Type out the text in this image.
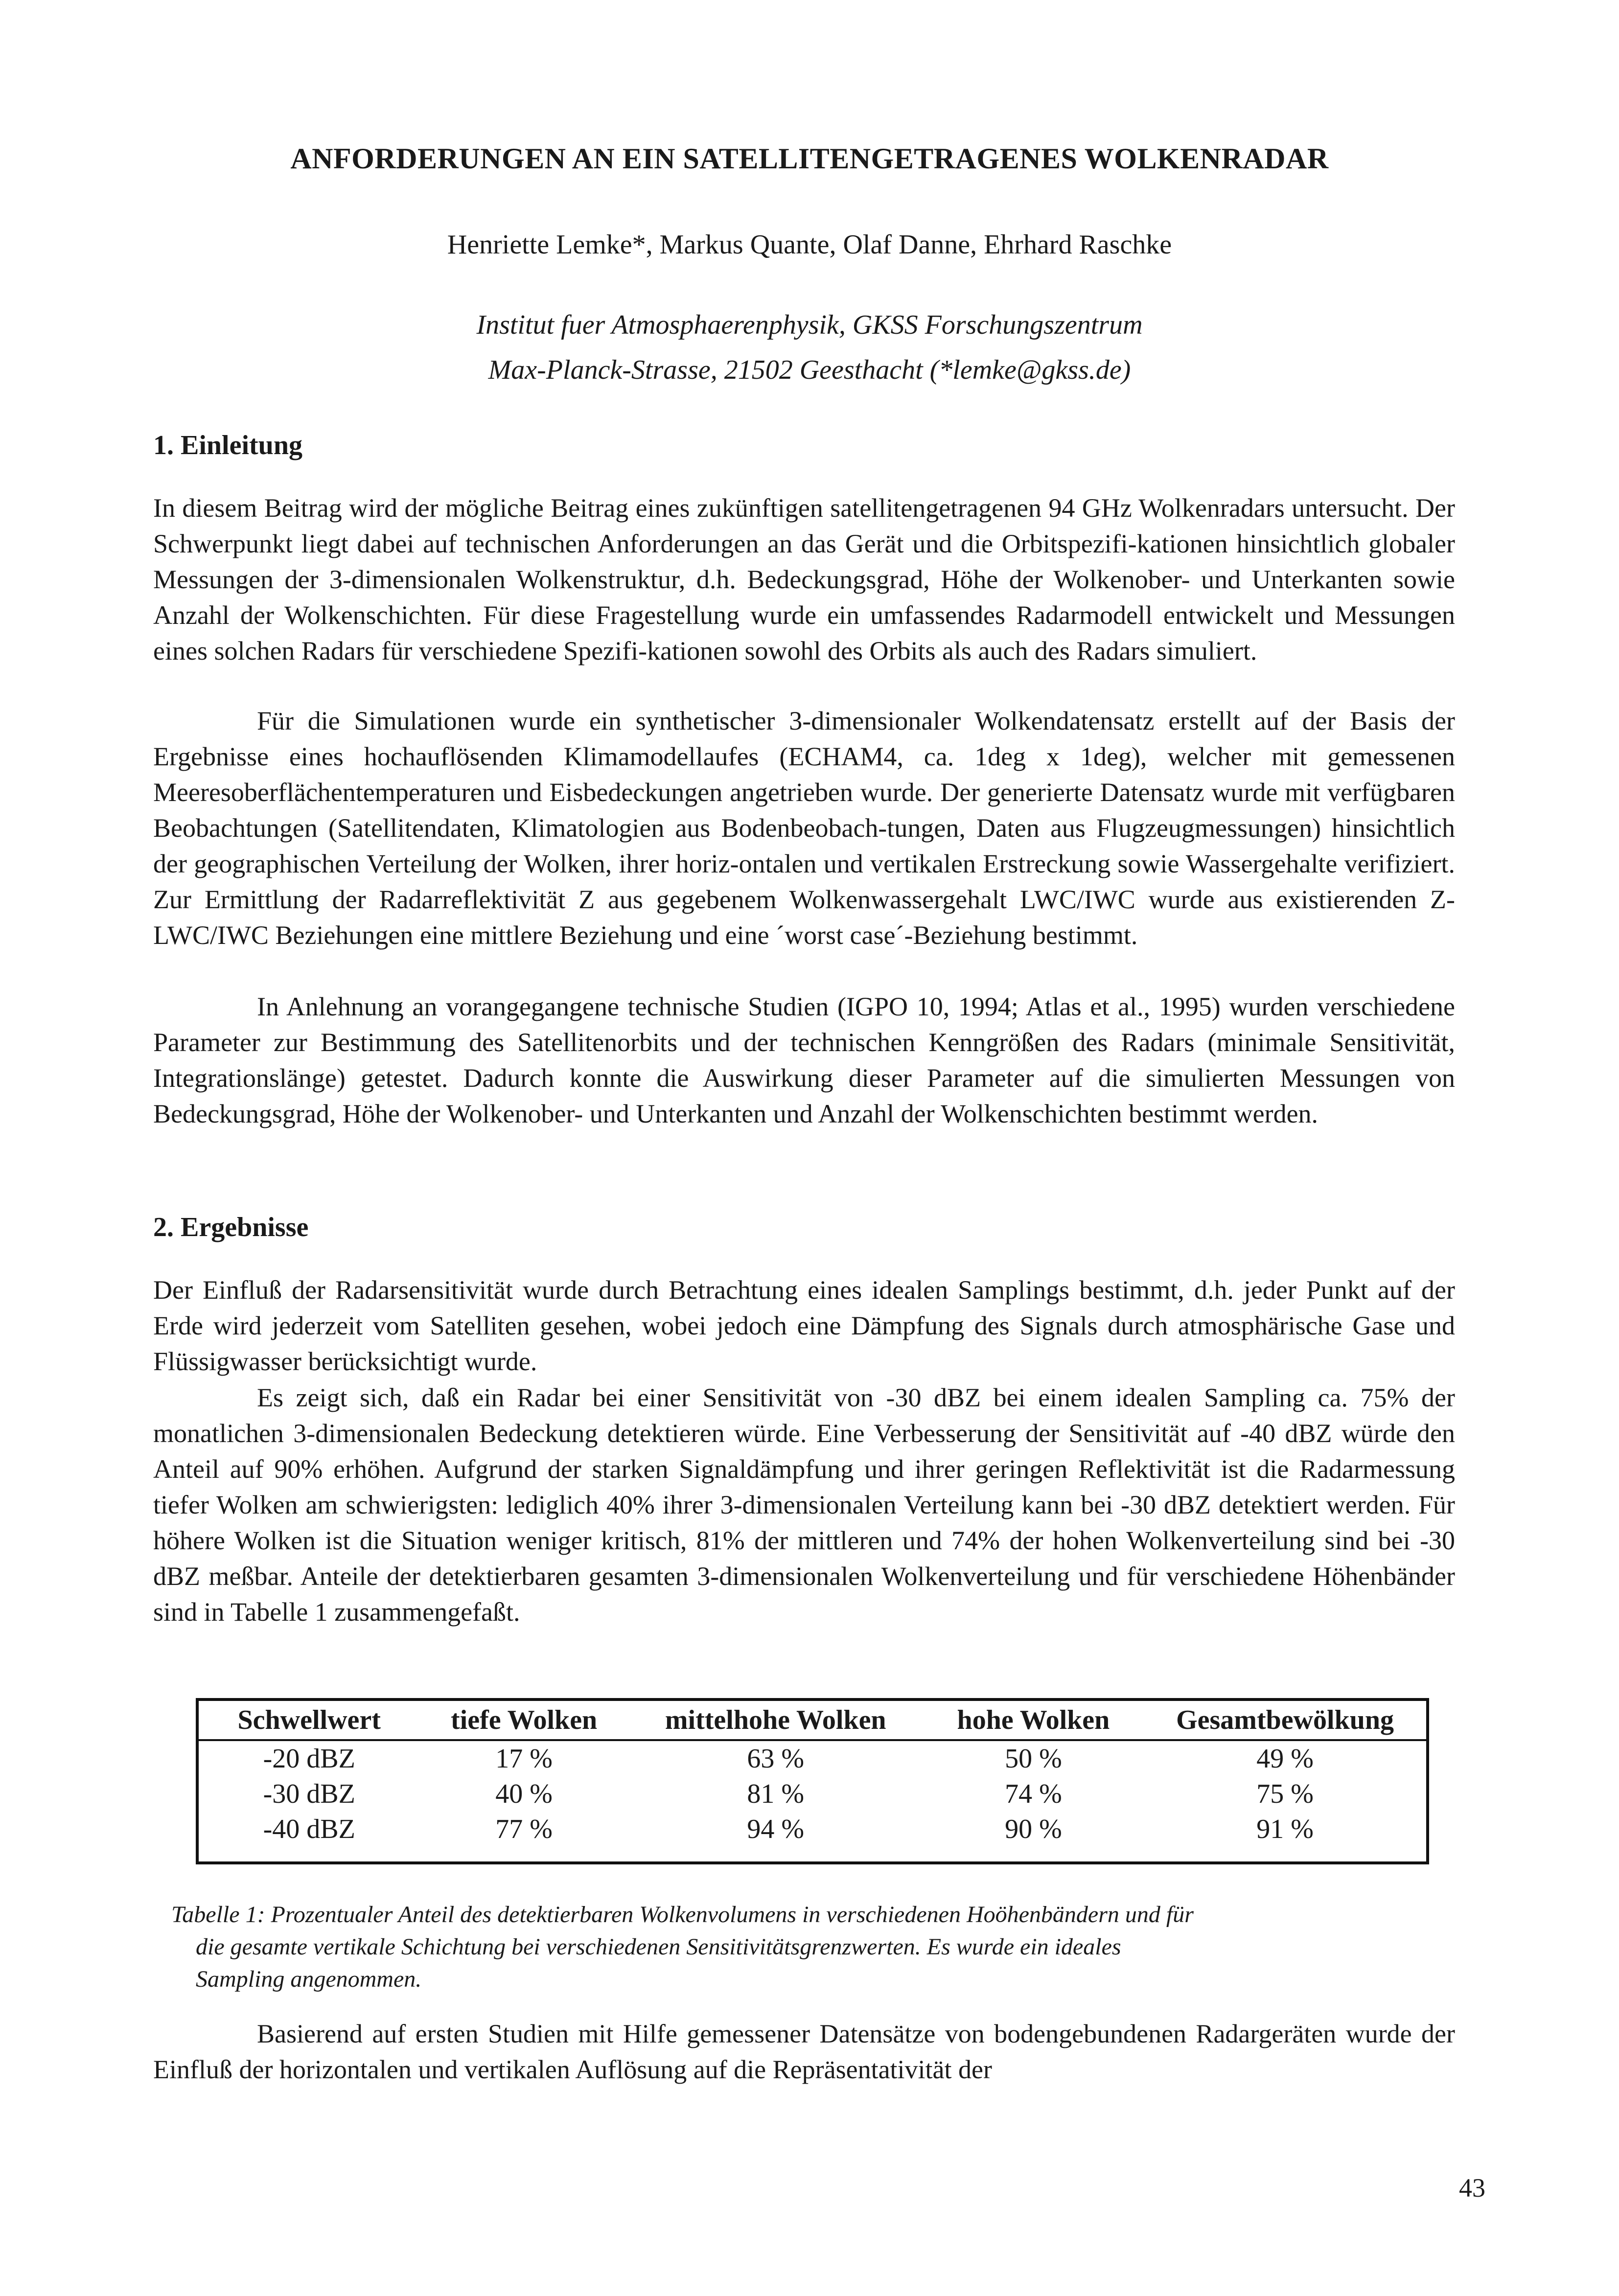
ANFORDERUNGEN AN EIN SATELLITENGETRAGENES WOLKENRADAR
Henriette Lemke*, Markus Quante, Olaf Danne, Ehrhard Raschke
Institut fuer Atmosphaerenphysik, GKSS Forschungszentrum
Max-Planck-Strasse, 21502 Geesthacht (*lemke@gkss.de)
1. Einleitung

In diesem Beitrag wird der mögliche Beitrag eines zukünftigen satellitengetragenen 94 GHz Wolkenradars untersucht. Der Schwerpunkt liegt dabei auf technischen Anforderungen an das Gerät und die Orbitspezifi-kationen hinsichtlich globaler Messungen der 3-dimensionalen Wolkenstruktur, d.h. Bedeckungsgrad, Höhe der Wolkenober- und Unterkanten sowie Anzahl der Wolkenschichten. Für diese Fragestellung wurde ein umfassendes Radarmodell entwickelt und Messungen eines solchen Radars für verschiedene Spezifi-kationen sowohl des Orbits als auch des Radars simuliert.

Für die Simulationen wurde ein synthetischer 3-dimensionaler Wolkendatensatz erstellt auf der Basis der Ergebnisse eines hochauflösenden Klimamodellaufes (ECHAM4, ca. 1deg x 1deg), welcher mit gemessenen Meeresoberflächentemperaturen und Eisbedeckungen angetrieben wurde. Der generierte Datensatz wurde mit verfügbaren Beobachtungen (Satellitendaten, Klimatologien aus Bodenbeobach-tungen, Daten aus Flugzeugmessungen) hinsichtlich der geographischen Verteilung der Wolken, ihrer horiz-ontalen und vertikalen Erstreckung sowie Wassergehalte verifiziert. Zur Ermittlung der Radarreflektivität Z aus gegebenem Wolkenwassergehalt LWC/IWC wurde aus existierenden Z-LWC/IWC Beziehungen eine mittlere Beziehung und eine ´worst case´-Beziehung bestimmt.

In Anlehnung an vorangegangene technische Studien (IGPO 10, 1994; Atlas et al., 1995) wurden verschiedene Parameter zur Bestimmung des Satellitenorbits und der technischen Kenngrößen des Radars (minimale Sensitivität, Integrationslänge) getestet. Dadurch konnte die Auswirkung dieser Parameter auf die simulierten Messungen von Bedeckungsgrad, Höhe der Wolkenober- und Unterkanten und Anzahl der Wolkenschichten bestimmt werden.

2. Ergebnisse

Der Einfluß der Radarsensitivität wurde durch Betrachtung eines idealen Samplings bestimmt, d.h. jeder Punkt auf der Erde wird jederzeit vom Satelliten gesehen, wobei jedoch eine Dämpfung des Signals durch atmosphärische Gase und Flüssigwasser berücksichtigt wurde.

Es zeigt sich, daß ein Radar bei einer Sensitivität von -30 dBZ bei einem idealen Sampling ca. 75% der monatlichen 3-dimensionalen Bedeckung detektieren würde. Eine Verbesserung der Sensitivität auf -40 dBZ würde den Anteil auf 90% erhöhen. Aufgrund der starken Signaldämpfung und ihrer geringen Reflektivität ist die Radarmessung tiefer Wolken am schwierigsten: lediglich 40% ihrer 3-dimensionalen Verteilung kann bei -30 dBZ detektiert werden. Für höhere Wolken ist die Situation weniger kritisch, 81% der mittleren und 74% der hohen Wolkenverteilung sind bei -30 dBZ meßbar. Anteile der detektierbaren gesamten 3-dimensionalen Wolkenverteilung und für verschiedene Höhenbänder sind in Tabelle 1 zusammengefaßt.

Schwellwert	tiefe Wolken	mittelhohe Wolken	hohe Wolken	Gesamtbewölkung
-20 dBZ	17 %	63 %	50 %	49 %
-30 dBZ	40 %	81 %	74 %	75 %
-40 dBZ	77 %	94 %	90 %	91 %
Tabelle 1: Prozentualer Anteil des detektierbaren Wolkenvolumens in verschiedenen Hoöhenbändern und für
die gesamte vertikale Schichtung bei verschiedenen Sensitivitätsgrenzwerten. Es wurde ein ideales
Sampling angenommen.

Basierend auf ersten Studien mit Hilfe gemessener Datensätze von bodengebundenen Radargeräten wurde der Einfluß der horizontalen und vertikalen Auflösung auf die Repräsentativität der

43
